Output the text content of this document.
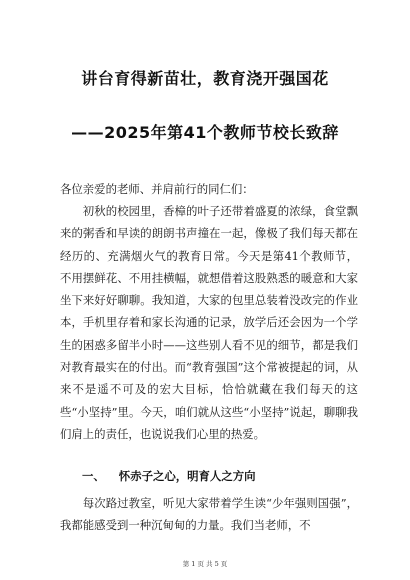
讲台育得新苗壮，教育浇开强国花
——2025年第41个教师节校长致辞

各位亲爱的老师、并肩前行的同仁们：

初秋的校园里，香樟的叶子还带着盛夏的浓绿，食堂飘来的粥香和早读的朗朗书声撞在一起，像极了我们每天都在经历的、充满烟火气的教育日常。今天是第41个教师节，不用摆鲜花、不用挂横幅，就想借着这股熟悉的暖意和大家坐下来好好聊聊。我知道，大家的包里总装着没改完的作业本，手机里存着和家长沟通的记录，放学后还会因为一个学生的困惑多留半小时——这些别人看不见的细节，都是我们对教育最实在的付出。而“教育强国”这个常被提起的词，从来不是遥不可及的宏大目标，恰恰就藏在我们每天的这些“小坚持”里。今天，咱们就从这些“小坚持”说起，聊聊我们肩上的责任，也说说我们心里的热爱。

一、 怀赤子之心，明育人之方向

每次路过教室，听见大家带着学生读“少年强则国强”，我都能感受到一种沉甸甸的力量。我们当老师，不

第 1 页 共 5 页
